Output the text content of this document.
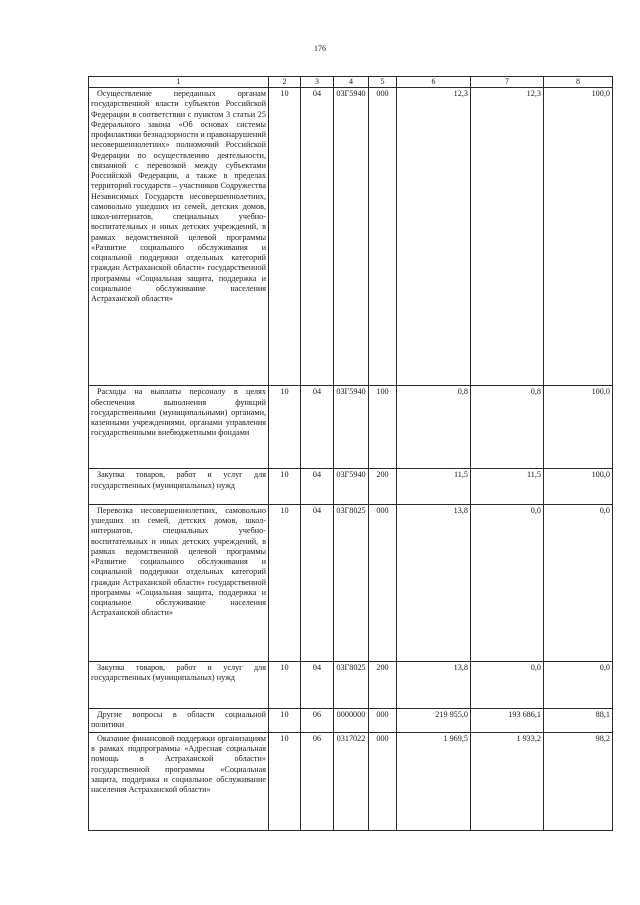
176
1	2	3	4	5	6	7	8
Осуществление переданных органам государственной власти субъектов Российской Федерации в соответствии с пунктом 3 статьи 25 Федерального закона «Об основах системы профилактики безнадзорности и правонарушений несовершеннолетних» полномочий Российской Федерации по осуществлению деятельности, связанной с перевозкой между субъектами Российской Федерации, а также в пределах территорий государств – участников Содружества Независимых Государств несовершеннолетних, самовольно ушедших из семей, детских домов, школ-интернатов, специальных учебно-воспитательных и иных детских учреждений, в рамках ведомственной целевой программы «Развитие социального обслуживания и социальной поддержки отдельных категорий граждан Астраханской области» государственной программы «Социальная защита, поддержка и социальное обслуживание населения Астраханской области»	10	04	03Г5940	000	12,3	12,3	100,0
Расходы на выплаты персоналу в целях обеспечения выполнения функций государственными (муниципальными) органами, казенными учреждениями, органами управления государственными внебюджетными фондами	10	04	03Г5940	100	0,8	0,8	100,0
Закупка товаров, работ и услуг для государственных (муниципальных) нужд	10	04	03Г5940	200	11,5	11,5	100,0
Перевозка несовершеннолетних, самовольно ушедших из семей, детских домов, школ-интернатов, специальных учебно-воспитательных и иных детских учреждений, в рамках ведомственной целевой программы «Развитие социального обслуживания и социальной поддержки отдельных категорий граждан Астраханской области» государственной программы «Социальная защита, поддержка и социальное обслуживание населения Астраханской области»	10	04	03Г8025	000	13,8	0,0	0,0
Закупка товаров, работ и услуг для государственных (муниципальных) нужд	10	04	03Г8025	200	13,8	0,0	0,0
Другие вопросы в области социальной политики	10	06	0000000	000	219 955,0	193 686,1	88,1
Оказание финансовой поддержки организациям в рамках подпрограммы «Адресная социальная помощь в Астраханской области» государственной программы «Социальная защита, поддержка и социальное обслуживание населения Астраханской области»	10	06	0317022	000	1 969,5	1 933,2	98,2
